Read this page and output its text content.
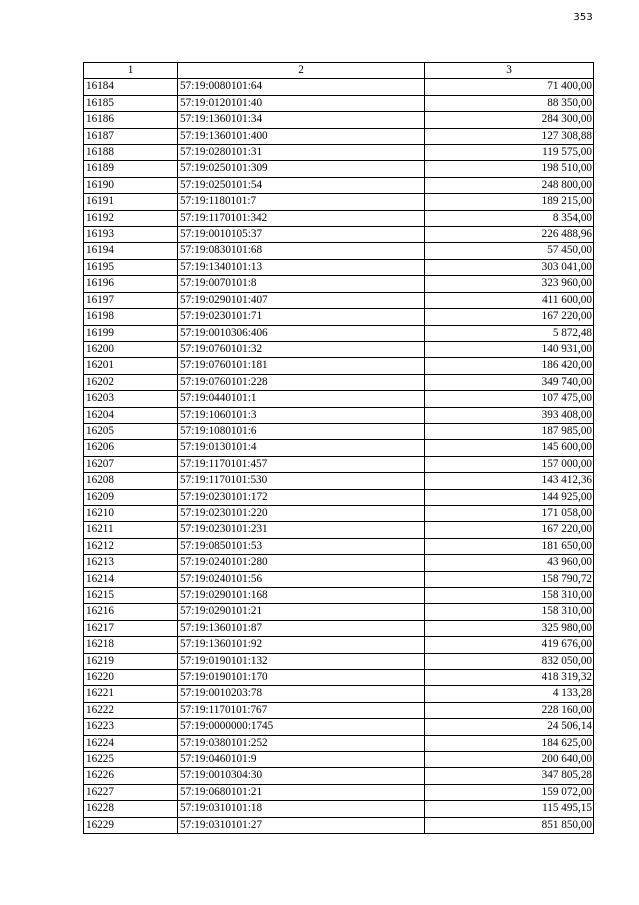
353
1	2	3
16184	57:19:0080101:64	71 400,00
16185	57:19:0120101:40	88 350,00
16186	57:19:1360101:34	284 300,00
16187	57:19:1360101:400	127 308,88
16188	57:19:0280101:31	119 575,00
16189	57:19:0250101:309	198 510,00
16190	57:19:0250101:54	248 800,00
16191	57:19:1180101:7	189 215,00
16192	57:19:1170101:342	8 354,00
16193	57:19:0010105:37	226 488,96
16194	57:19:0830101:68	57 450,00
16195	57:19:1340101:13	303 041,00
16196	57:19:0070101:8	323 960,00
16197	57:19:0290101:407	411 600,00
16198	57:19:0230101:71	167 220,00
16199	57:19:0010306:406	5 872,48
16200	57:19:0760101:32	140 931,00
16201	57:19:0760101:181	186 420,00
16202	57:19:0760101:228	349 740,00
16203	57:19:0440101:1	107 475,00
16204	57:19:1060101:3	393 408,00
16205	57:19:1080101:6	187 985,00
16206	57:19:0130101:4	145 600,00
16207	57:19:1170101:457	157 000,00
16208	57:19:1170101:530	143 412,36
16209	57:19:0230101:172	144 925,00
16210	57:19:0230101:220	171 058,00
16211	57:19:0230101:231	167 220,00
16212	57:19:0850101:53	181 650,00
16213	57:19:0240101:280	43 960,00
16214	57:19:0240101:56	158 790,72
16215	57:19:0290101:168	158 310,00
16216	57:19:0290101:21	158 310,00
16217	57:19:1360101:87	325 980,00
16218	57:19:1360101:92	419 676,00
16219	57:19:0190101:132	832 050,00
16220	57:19:0190101:170	418 319,32
16221	57:19:0010203:78	4 133,28
16222	57:19:1170101:767	228 160,00
16223	57:19:0000000:1745	24 506,14
16224	57:19:0380101:252	184 625,00
16225	57:19:0460101:9	200 640,00
16226	57:19:0010304:30	347 805,28
16227	57:19:0680101:21	159 072,00
16228	57:19:0310101:18	115 495,15
16229	57:19:0310101:27	851 850,00
